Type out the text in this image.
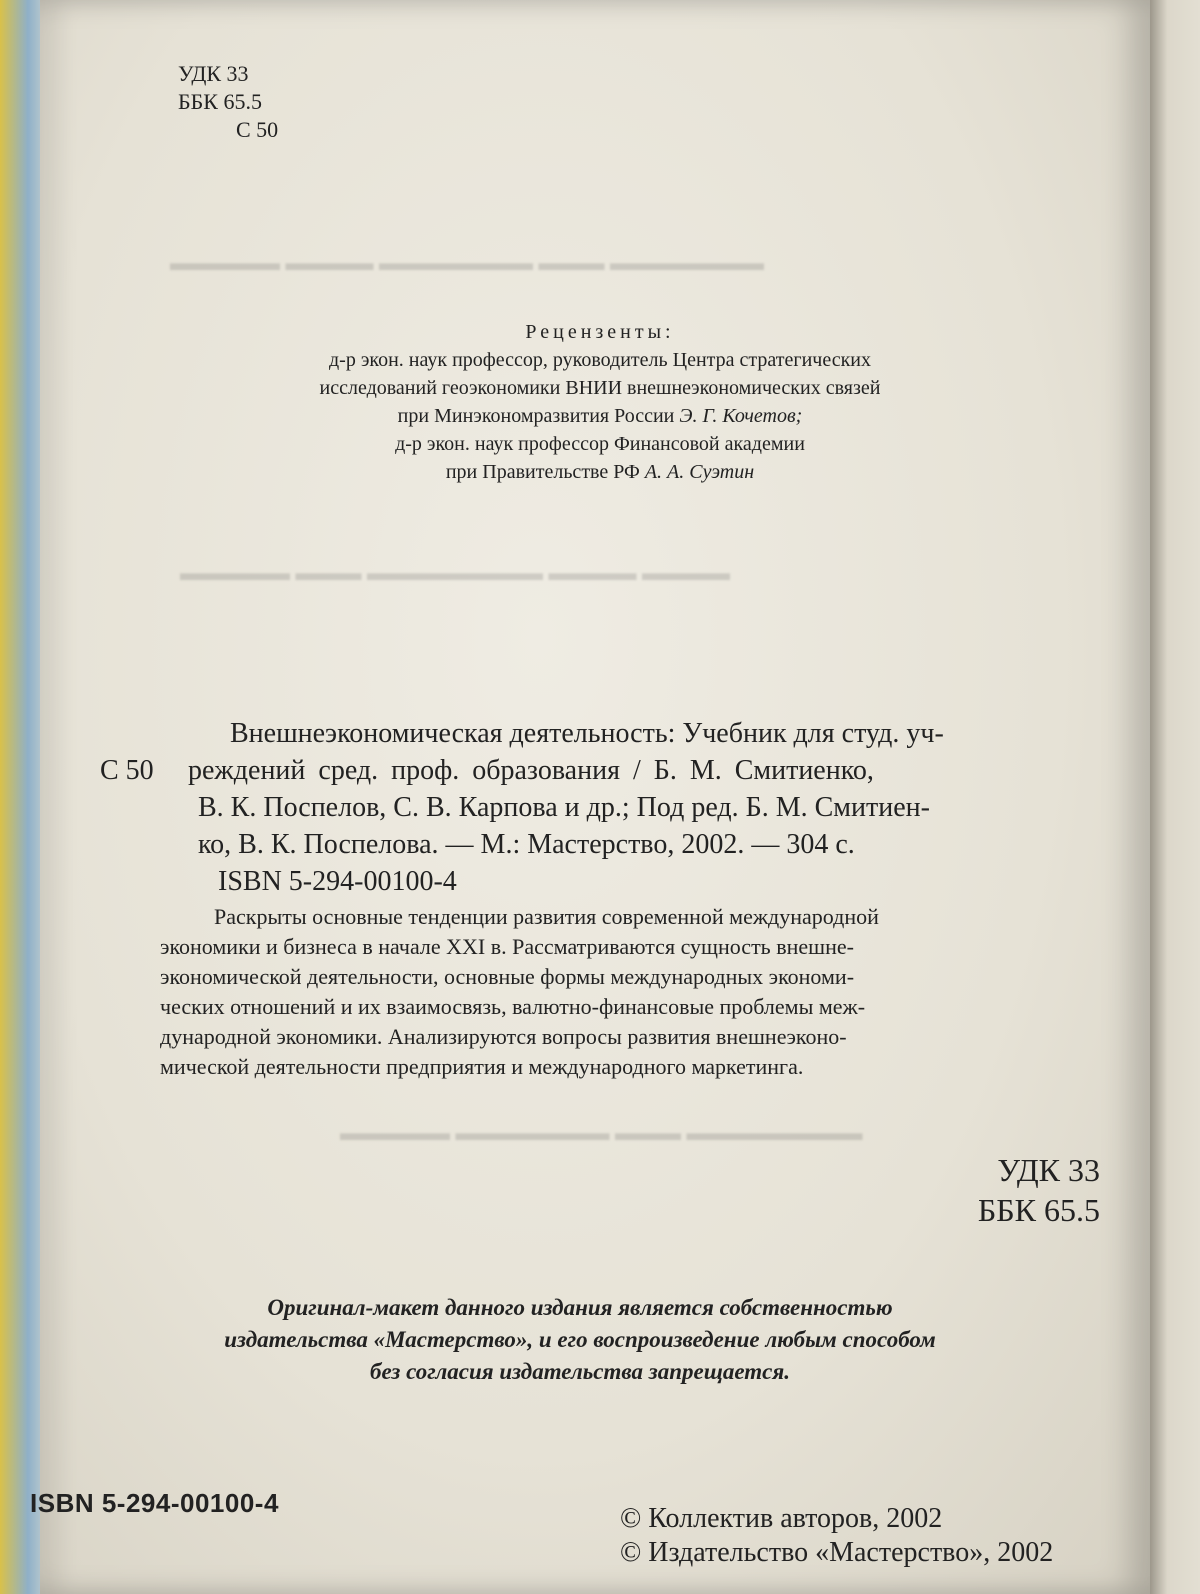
▬▬▬▬▬ ▬▬▬▬ ▬▬▬▬▬▬▬ ▬▬▬ ▬▬▬▬▬▬▬
▬▬▬▬▬ ▬▬▬ ▬▬▬▬▬▬▬▬ ▬▬▬▬ ▬▬▬▬
▬▬▬▬▬ ▬▬▬▬▬▬▬ ▬▬▬ ▬▬▬▬▬▬▬▬
УДК 33
ББК 65.5
С 50
Рецензенты:
д-р экон. наук профессор, руководитель Центра стратегических
исследований геоэкономики ВНИИ внешнеэкономических связей
при Минэкономразвития России Э. Г. Кочетов;
д-р экон. наук профессор Финансовой академии
при Правительстве РФ А. А. Суэтин
Внешнеэкономическая деятельность: Учебник для студ. уч-
С 50 реждений сред. проф. образования / Б. М. Смитиенко,
В. К. Поспелов, С. В. Карпова и др.; Под ред. Б. М. Смитиен-
ко, В. К. Поспелова. — М.: Мастерство, 2002. — 304 с.
ISBN 5-294-00100-4
Раскрыты основные тенденции развития современной международной
экономики и бизнеса в начале XXI в. Рассматриваются сущность внешне-
экономической деятельности, основные формы международных экономи-
ческих отношений и их взаимосвязь, валютно-финансовые проблемы меж-
дународной экономики. Анализируются вопросы развития внешнеэконо-
мической деятельности предприятия и международного маркетинга.
УДК 33
ББК 65.5
Оригинал-макет данного издания является собственностью
издательства «Мастерство», и его воспроизведение любым способом
без согласия издательства запрещается.
ISBN 5-294-00100-4	© Коллектив авторов, 2002
© Издательство «Мастерство», 2002
